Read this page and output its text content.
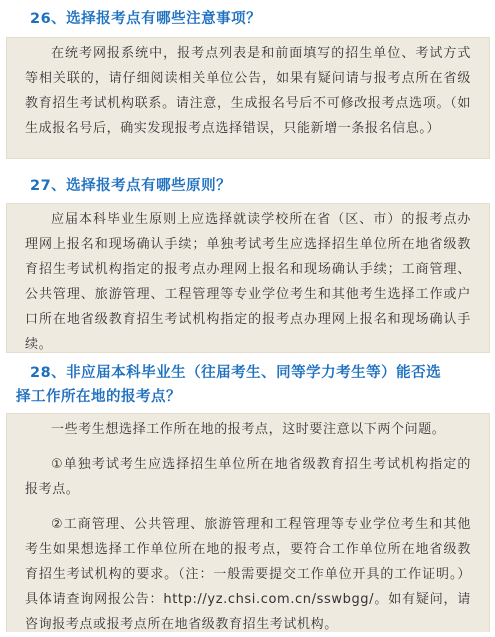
26、选择报考点有哪些注意事项？

在统考网报系统中，报考点列表是和前面填写的招生单位、考试方式等相关联的，请仔细阅读相关单位公告，如果有疑问请与报考点所在省级教育招生考试机构联系。请注意，生成报名号后不可修改报考点选项。（如生成报名号后，确实发现报考点选择错误，只能新增一条报名信息。）

27、选择报考点有哪些原则？

应届本科毕业生原则上应选择就读学校所在省（区、市）的报考点办理网上报名和现场确认手续；单独考试考生应选择招生单位所在地省级教育招生考试机构指定的报考点办理网上报名和现场确认手续；工商管理、公共管理、旅游管理、工程管理等专业学位考生和其他考生选择工作或户口所在地省级教育招生考试机构指定的报考点办理网上报名和现场确认手续。

28、非应届本科毕业生（往届考生、同等学力考生等）能否选
择工作所在地的报考点？

一些考生想选择工作所在地的报考点，这时要注意以下两个问题。

①单独考试考生应选择招生单位所在地省级教育招生考试机构指定的报考点。

②工商管理、公共管理、旅游管理和工程管理等专业学位考生和其他考生如果想选择工作单位所在地的报考点，要符合工作单位所在地省级教育招生考试机构的要求。（注：一般需要提交工作单位开具的工作证明。）具体请查询网报公告：http://yz.chsi.com.cn/sswbgg/。如有疑问，请咨询报考点或报考点所在地省级教育招生考试机构。
